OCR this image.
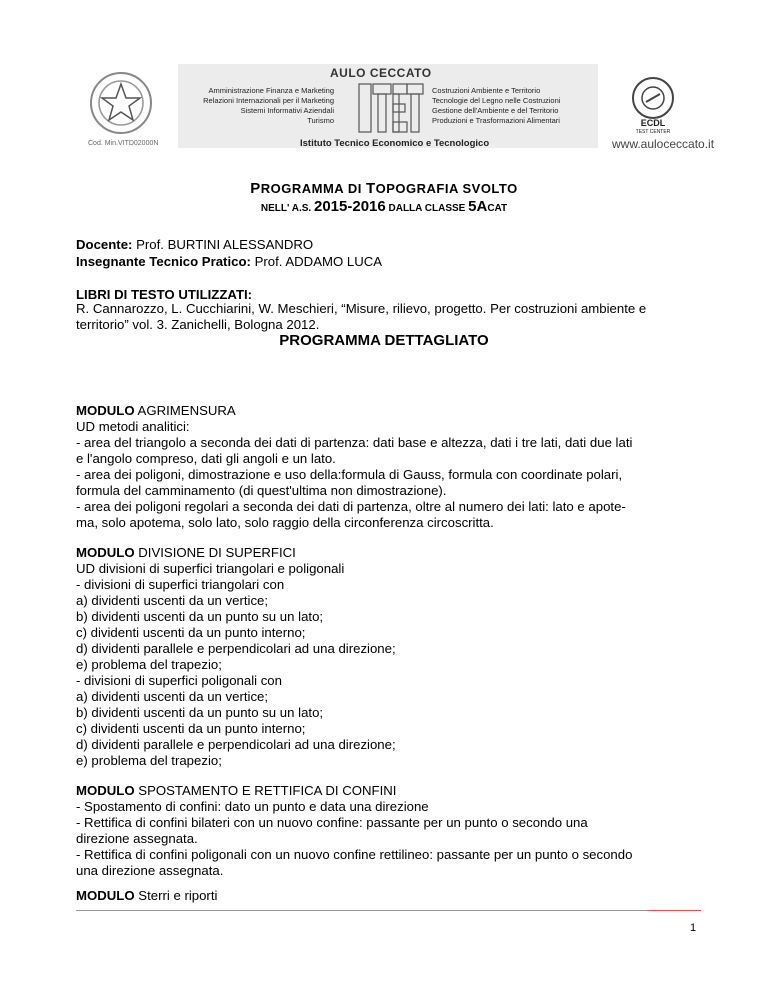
Cod. Min.VITD02000N
AULO CECCATO
Amministrazione Finanza e Marketing
Relazioni Internazionali per il Marketing
Sistemi Informativi Aziendali
Turismo
Costruzioni Ambiente e Territorio
Tecnologie del Legno nelle Costruzioni
Gestione dell'Ambiente e del Territorio
Produzioni e Trasformazioni Alimentari
Istituto Tecnico Economico e Tecnologico
ECDL
TEST CENTER
www.auloceccato.it
PROGRAMMA DI TOPOGRAFIA SVOLTO
NELL' A.S. 2015-2016 DALLA CLASSE 5ACAT
Docente: Prof. BURTINI ALESSANDRO
Insegnante Tecnico Pratico: Prof. ADDAMO LUCA
LIBRI DI TESTO UTILIZZATI:
R. Cannarozzo, L. Cucchiarini, W. Meschieri, “Misure, rilievo, progetto. Per costruzioni ambiente e
territorio” vol. 3. Zanichelli, Bologna 2012.
PROGRAMMA DETTAGLIATO
MODULO AGRIMENSURA
UD metodi analitici:
- area del triangolo a seconda dei dati di partenza: dati base e altezza, dati i tre lati, dati due lati
e l'angolo compreso, dati gli angoli e un lato.
- area dei poligoni, dimostrazione e uso della:formula di Gauss, formula con coordinate polari,
formula del camminamento (di quest'ultima non dimostrazione).
- area dei poligoni regolari a seconda dei dati di partenza, oltre al numero dei lati: lato e apote-
ma, solo apotema, solo lato, solo raggio della circonferenza circoscritta.
MODULO DIVISIONE DI SUPERFICI
UD divisioni di superfici triangolari e poligonali
- divisioni di superfici triangolari con
a) dividenti uscenti da un vertice;
b) dividenti uscenti da un punto su un lato;
c) dividenti uscenti da un punto interno;
d) dividenti parallele e perpendicolari ad una direzione;
e) problema del trapezio;
- divisioni di superfici poligonali con
a) dividenti uscenti da un vertice;
b) dividenti uscenti da un punto su un lato;
c) dividenti uscenti da un punto interno;
d) dividenti parallele e perpendicolari ad una direzione;
e) problema del trapezio;
MODULO SPOSTAMENTO E RETTIFICA DI CONFINI
- Spostamento di confini: dato un punto e data una direzione
- Rettifica di confini bilateri con un nuovo confine: passante per un punto o secondo una
direzione assegnata.
- Rettifica di confini poligonali con un nuovo confine rettilineo: passante per un punto o secondo
una direzione assegnata.
MODULO Sterri e riporti
1
